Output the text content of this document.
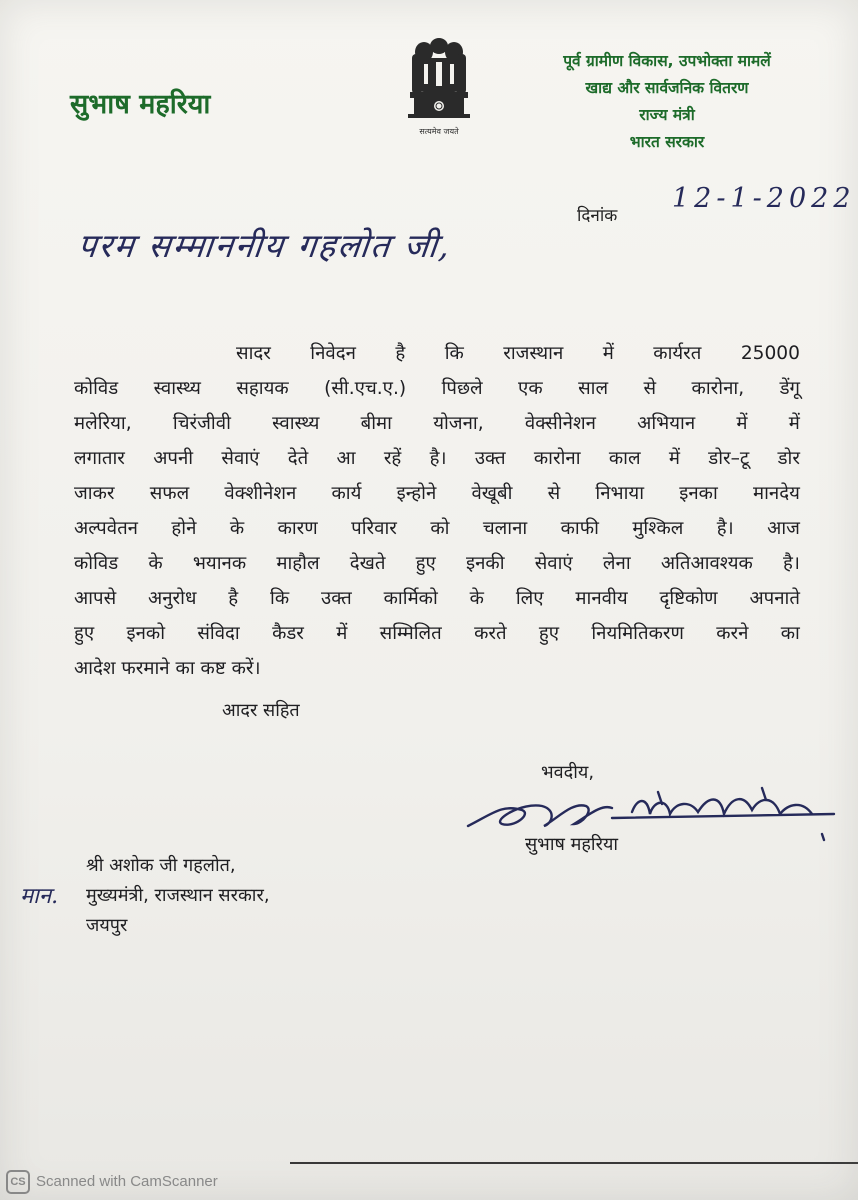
सुभाष महरिया
सत्यमेव जयते
पूर्व ग्रामीण विकास, उपभोक्ता मामलें
खाद्य और सार्वजनिक वितरण
राज्य मंत्री
भारत सरकार
दिनांक
12-1-2022
परम सम्माननीय गहलोत जी,
सादर निवेदन है कि राजस्थान में कार्यरत 25000
कोविड स्वास्थ्य सहायक (सी.एच.ए.) पिछले एक साल से कारोना, डेंगू
मलेरिया, चिरंजीवी स्वास्थ्य बीमा योजना, वेक्सीनेशन अभियान में में
लगातार अपनी सेवाएं देते आ रहें है। उक्त कारोना काल में डोर–टू डोर
जाकर सफल वेक्शीनेशन कार्य इन्होने वेखूबी से निभाया इनका मानदेय
अल्पवेतन होने के कारण परिवार को चलाना काफी मुश्किल है। आज
कोविड के भयानक माहौल देखते हुए इनकी सेवाएं लेना अतिआवश्यक है।
आपसे अनुरोध है कि उक्त कार्मिको के लिए मानवीय दृष्टिकोण अपनाते
हुए इनको संविदा कैडर में सम्मिलित करते हुए नियमितिकरण करने का
आदेश फरमाने का कष्ट करें।
आदर सहित
भवदीय,
सुभाष महरिया
मान.
श्री अशोक जी गहलोत,
मुख्यमंत्री, राजस्थान सरकार,
जयपुर
CS Scanned with CamScanner
